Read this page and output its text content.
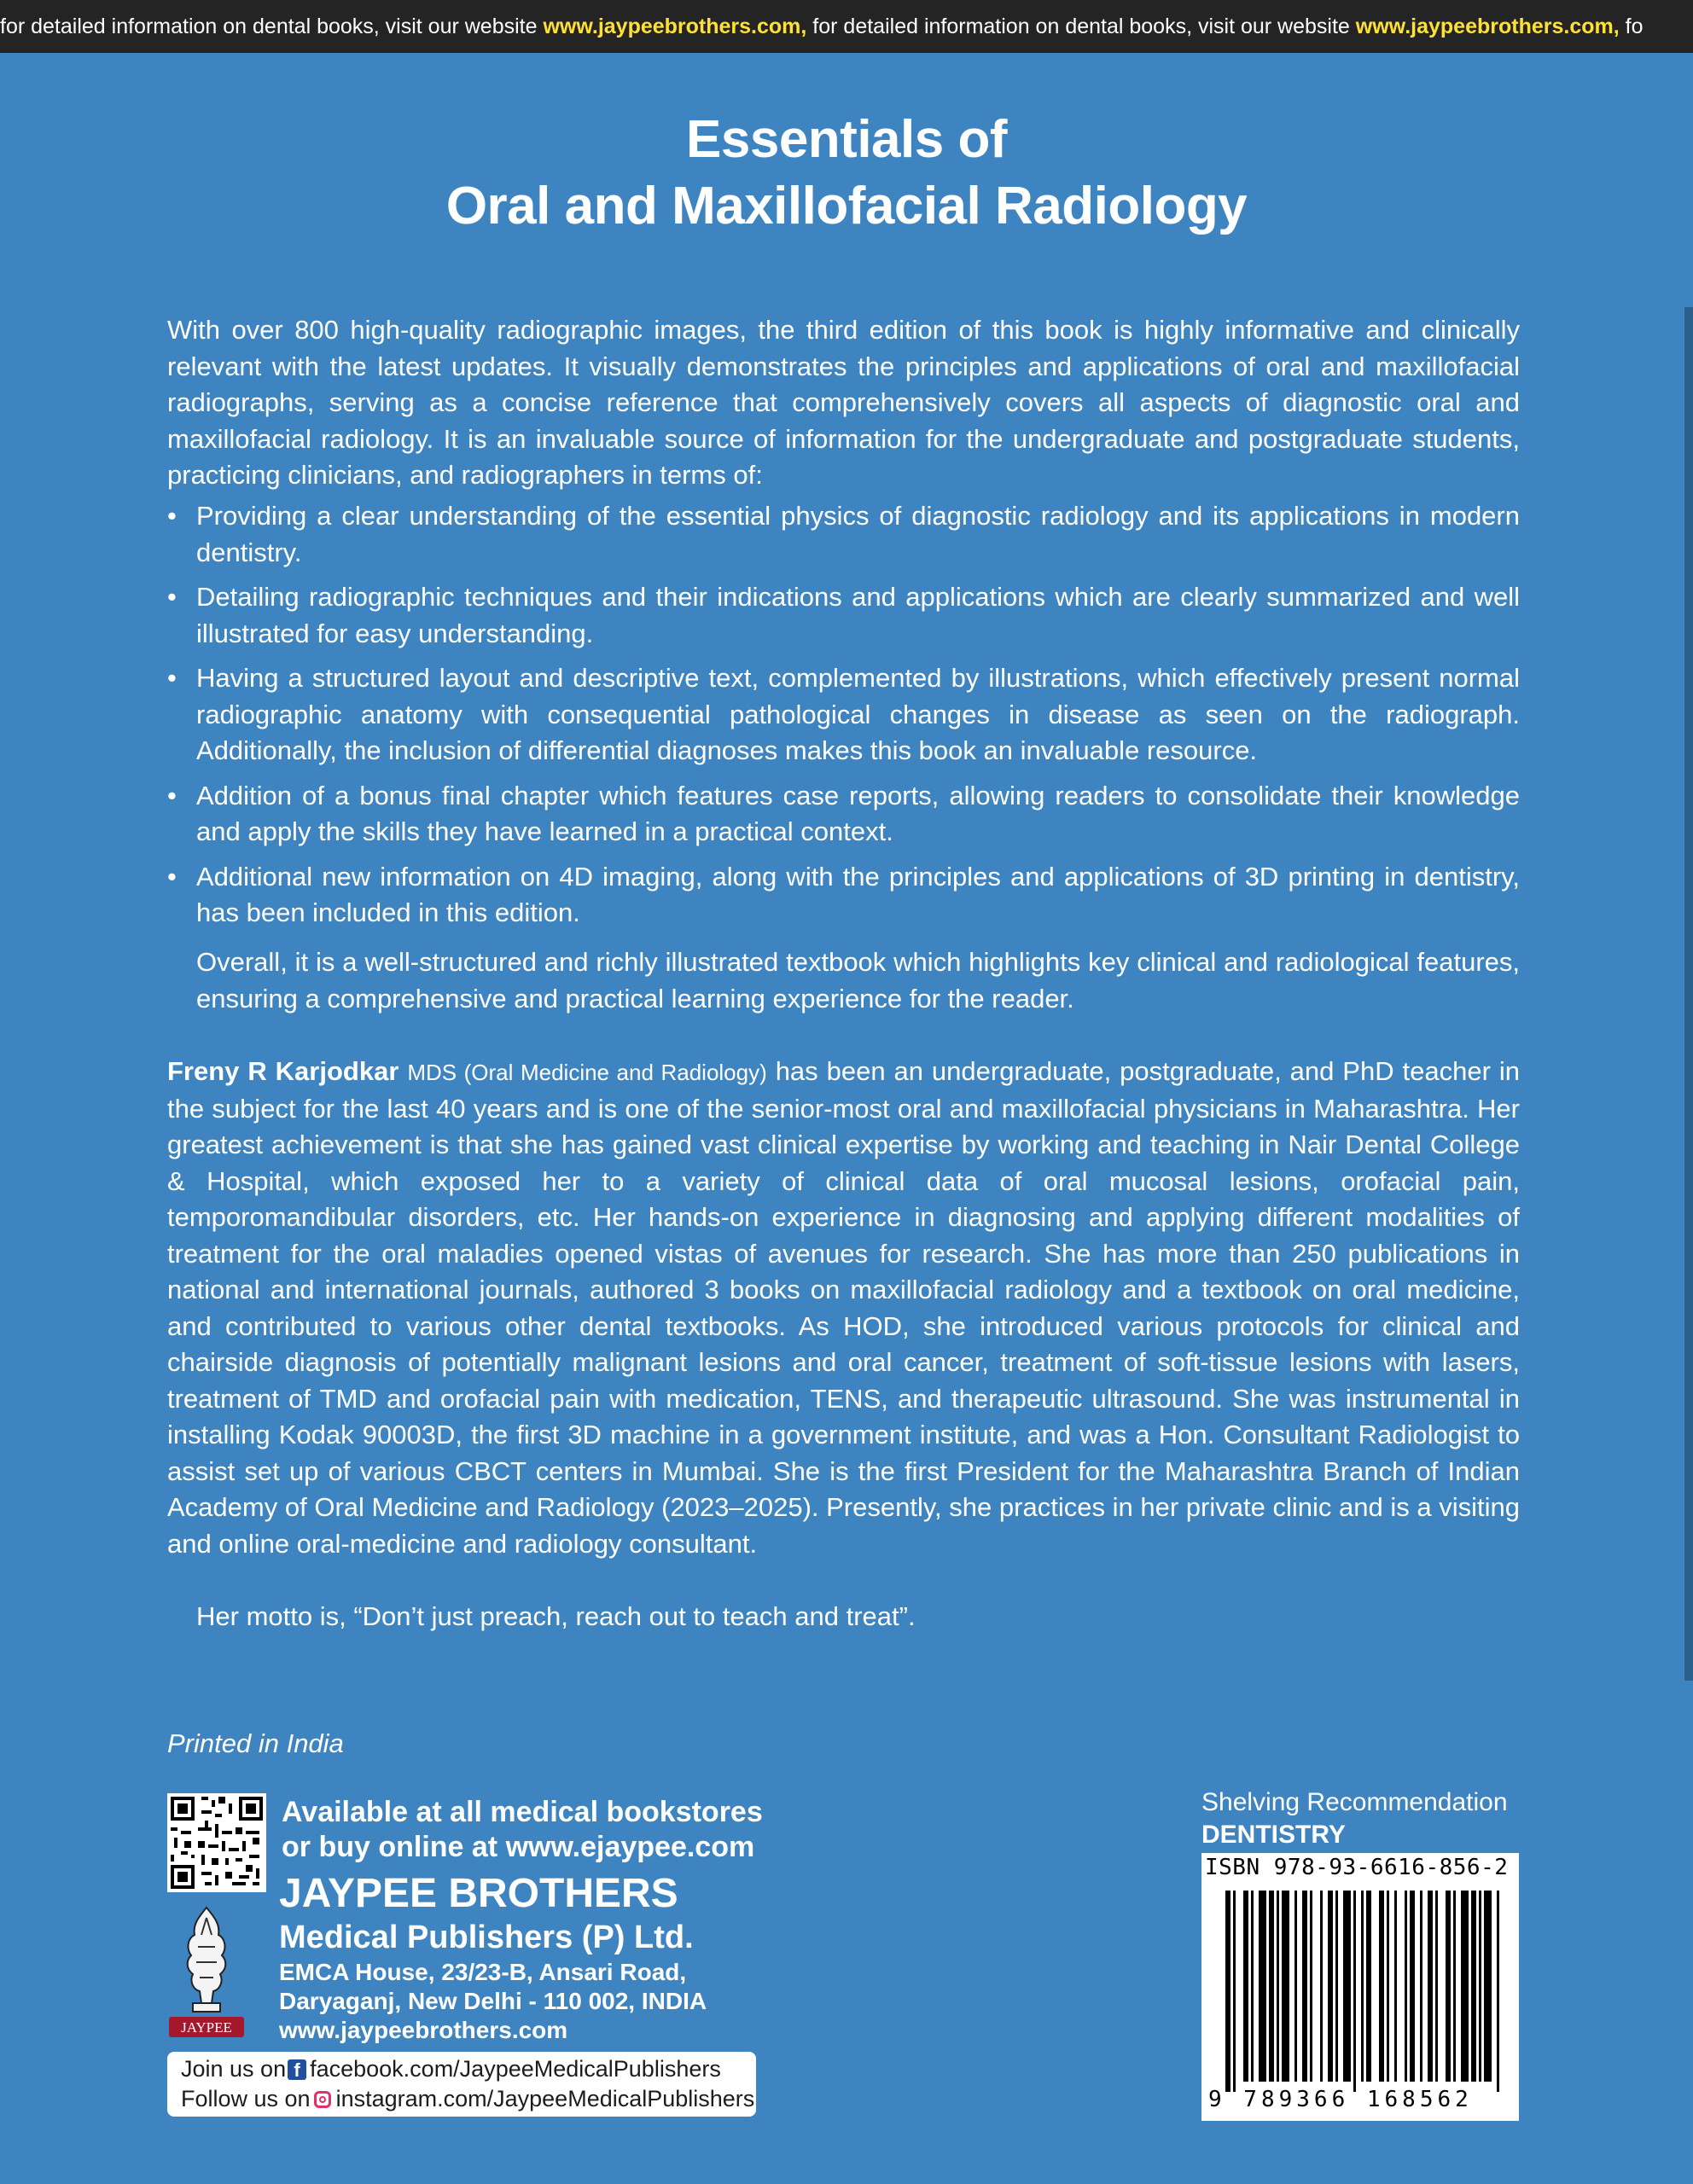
for detailed information on dental books, visit our website www.jaypeebrothers.com, for detailed information on dental books, visit our website www.jaypeebrothers.com, fo
Essentials of
Oral and Maxillofacial Radiology
With over 800 high-quality radiographic images, the third edition of this book is highly informative and clinically relevant with the latest updates. It visually demonstrates the principles and applications of oral and maxillofacial radiographs, serving as a concise reference that comprehensively covers all aspects of diagnostic oral and maxillofacial radiology. It is an invaluable source of information for the undergraduate and postgraduate students, practicing clinicians, and radiographers in terms of:
• Providing a clear understanding of the essential physics of diagnostic radiology and its applications in modern dentistry.
• Detailing radiographic techniques and their indications and applications which are clearly summarized and well illustrated for easy understanding.
• Having a structured layout and descriptive text, complemented by illustrations, which effectively present normal radiographic anatomy with consequential pathological changes in disease as seen on the radiograph. Additionally, the inclusion of differential diagnoses makes this book an invaluable resource.
• Addition of a bonus final chapter which features case reports, allowing readers to consolidate their knowledge and apply the skills they have learned in a practical context.
• Additional new information on 4D imaging, along with the principles and applications of 3D printing in dentistry, has been included in this edition.
Overall, it is a well-structured and richly illustrated textbook which highlights key clinical and radiological features, ensuring a comprehensive and practical learning experience for the reader.
Freny R Karjodkar MDS (Oral Medicine and Radiology) has been an undergraduate, postgraduate, and PhD teacher in the subject for the last 40 years and is one of the senior-most oral and maxillofacial physicians in Maharashtra. Her greatest achievement is that she has gained vast clinical expertise by working and teaching in Nair Dental College & Hospital, which exposed her to a variety of clinical data of oral mucosal lesions, orofacial pain, temporomandibular disorders, etc. Her hands-on experience in diagnosing and applying different modalities of treatment for the oral maladies opened vistas of avenues for research. She has more than 250 publications in national and international journals, authored 3 books on maxillofacial radiology and a textbook on oral medicine, and contributed to various other dental textbooks. As HOD, she introduced various protocols for clinical and chairside diagnosis of potentially malignant lesions and oral cancer, treatment of soft-tissue lesions with lasers, treatment of TMD and orofacial pain with medication, TENS, and therapeutic ultrasound. She was instrumental in installing Kodak 90003D, the first 3D machine in a government institute, and was a Hon. Consultant Radiologist to assist set up of various CBCT centers in Mumbai. She is the first President for the Maharashtra Branch of Indian Academy of Oral Medicine and Radiology (2023–2025). Presently, she practices in her private clinic and is a visiting and online oral-medicine and radiology consultant.
Her motto is, “Don’t just preach, reach out to teach and treat”.
Printed in India
Available at all medical bookstores
or buy online at www.ejaypee.com
JAYPEE
JAYPEE BROTHERS
Medical Publishers (P) Ltd.
EMCA House, 23/23-B, Ansari Road,
Daryaganj, New Delhi - 110 002, INDIA
www.jaypeebrothers.com
Join us on f facebook.com/JaypeeMedicalPublishers
Follow us on instagram.com/JaypeeMedicalPublishers
Shelving Recommendation
DENTISTRY
ISBN 978-93-6616-856-2
9 789366 168562
